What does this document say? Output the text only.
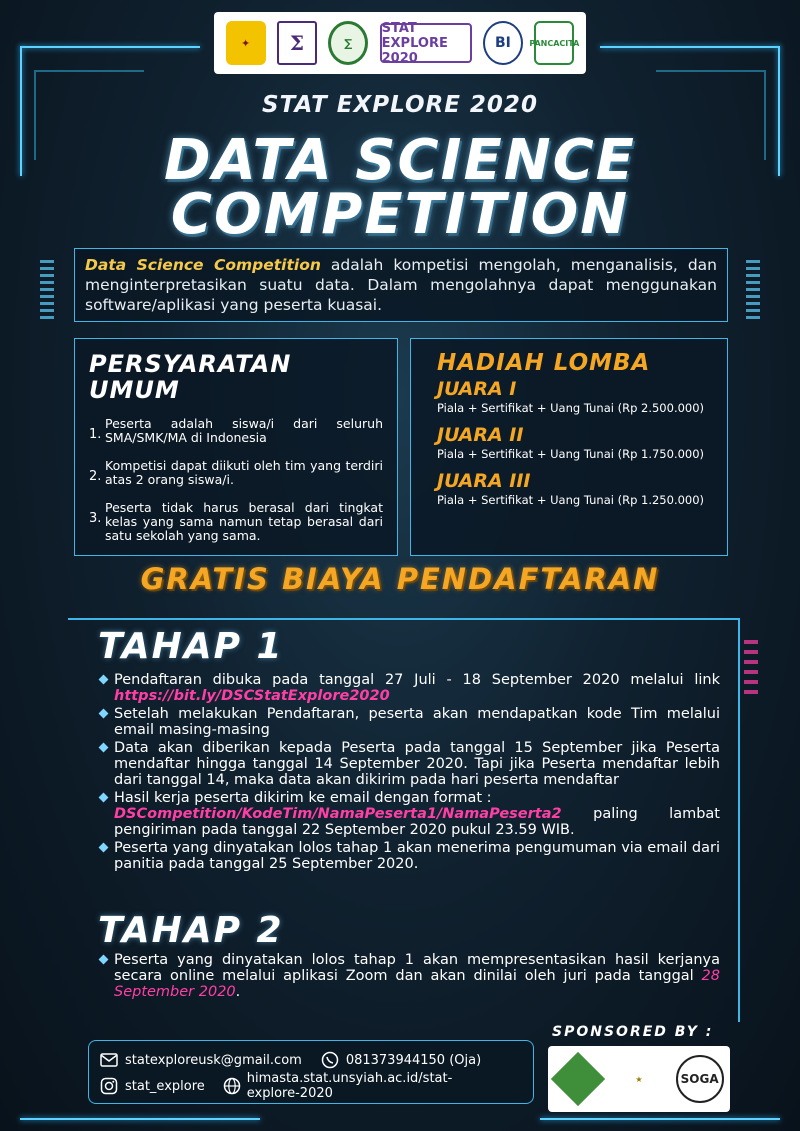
✦	Σ	∑
STAT EXPLORE 2020
BI	PANCACITA
STAT EXPLORE 2020
DATA SCIENCE
COMPETITION
Data Science Competition adalah kompetisi mengolah, menganalisis, dan menginterpretasikan suatu data. Dalam mengolahnya dapat menggunakan software/aplikasi yang peserta kuasai.
PERSYARATAN
UMUM
1.
Peserta adalah siswa/i dari seluruh SMA/SMK/MA di Indonesia
2.
Kompetisi dapat diikuti oleh tim yang terdiri atas 2 orang siswa/i.
3.
Peserta tidak harus berasal dari tingkat kelas yang sama namun tetap berasal dari satu sekolah yang sama.
HADIAH LOMBA
JUARA I
Piala + Sertifikat + Uang Tunai (Rp 2.500.000)
JUARA II
Piala + Sertifikat + Uang Tunai (Rp 1.750.000)
JUARA III
Piala + Sertifikat + Uang Tunai (Rp 1.250.000)
GRATIS BIAYA PENDAFTARAN
TAHAP 1
Pendaftaran dibuka pada tanggal 27 Juli - 18 September 2020 melalui link https://bit.ly/DSCStatExplore2020
Setelah melakukan Pendaftaran, peserta akan mendapatkan kode Tim melalui email masing-masing
Data akan diberikan kepada Peserta pada tanggal 15 September jika Peserta mendaftar hingga tanggal 14 September 2020. Tapi jika Peserta mendaftar lebih dari tanggal 14, maka data akan dikirim pada hari peserta mendaftar
Hasil kerja peserta dikirim ke email dengan format :
DSCompetition/KodeTim/NamaPeserta1/NamaPeserta2 paling lambat pengiriman pada tanggal 22 September 2020 pukul 23.59 WIB.
Peserta yang dinyatakan lolos tahap 1 akan menerima pengumuman via email dari panitia pada tanggal 25 September 2020.
TAHAP 2
Peserta yang dinyatakan lolos tahap 1 akan mempresentasikan hasil kerjanya secara online melalui aplikasi Zoom dan akan dinilai oleh juri pada tanggal 28 September 2020.
statexploreusk@gmail.com	081373944150 (Oja)
stat_explore	himasta.stat.unsyiah.ac.id/stat-explore-2020
SPONSORED BY :
★	SOGA
